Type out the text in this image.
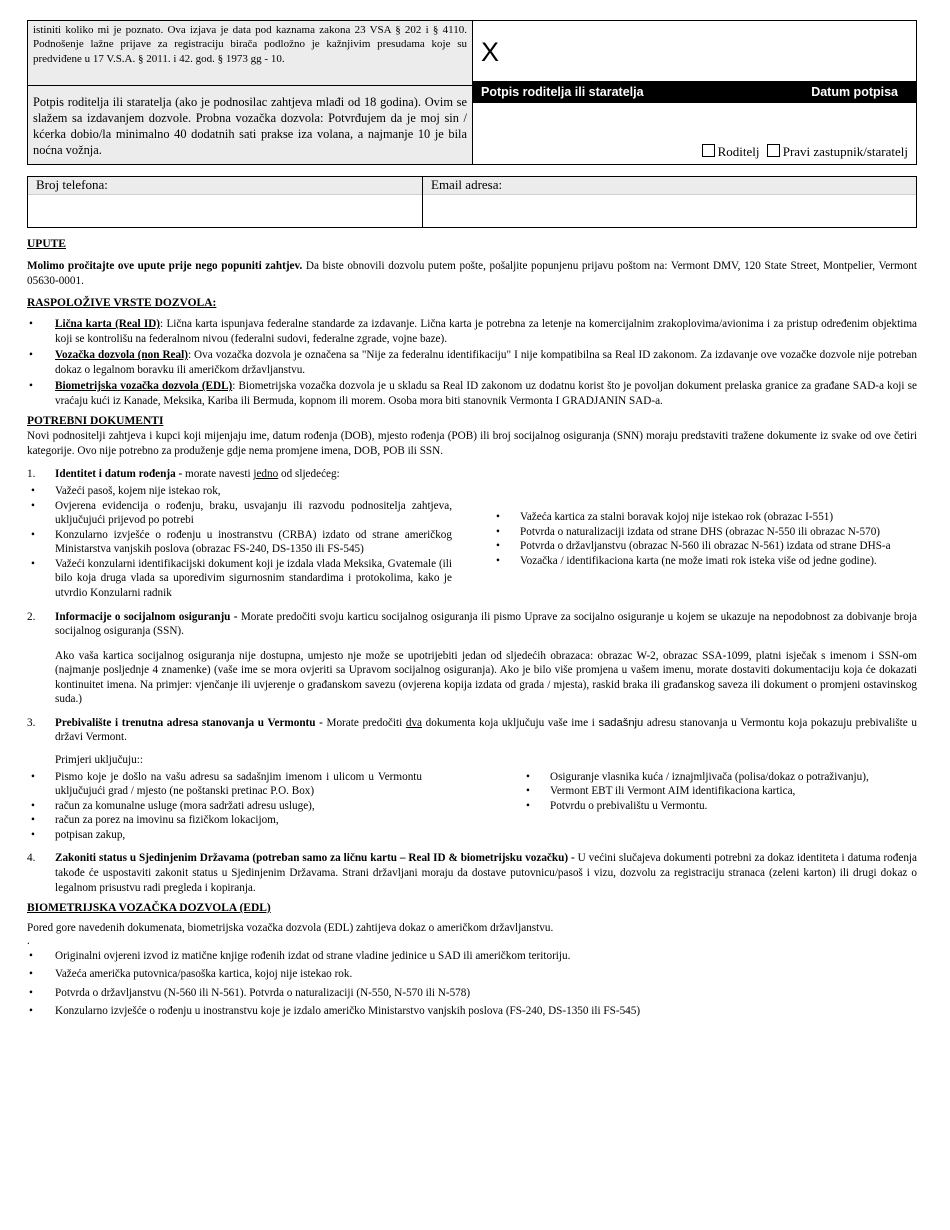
istiniti koliko mi je poznato. Ova izjava je data pod kaznama zakona 23 VSA § 202 i § 4110. Podnošenje lažne prijave za registraciju birača podložno je kažnjivim presudama koje su predviđene u 17 V.S.A. § 2011. i 42. god. § 1973 gg - 10.
Potpis roditelja ili staratelja (ako je podnosilac zahtjeva mlađi od 18 godina). Ovim se slažem sa izdavanjem dozvole. Probna vozačka dozvola: Potvrđujem da je moj sin / kćerka dobio/la minimalno 40 dodatnih sati prakse iza volana, a najmanje 10 je bila noćna vožnja.
X
Potpis roditelja ili staratelja	Datum potpisa
Roditelj Pravi zastupnik/staratelj
Broj telefona:	Email adresa:
UPUTE

Molimo pročitajte ove upute prije nego popuniti zahtjev. Da biste obnovili dozvolu putem pošte, pošaljite popunjenu prijavu poštom na: Vermont DMV, 120 State Street, Montpelier, Vermont 05630-0001.

RASPOLOŽIVE VRSTE DOZVOLA:
• Lična karta (Real ID): Lična karta ispunjava federalne standarde za izdavanje. Lična karta je potrebna za letenje na komercijalnim zrakoplovima/avionima i za pristup određenim objektima koji se kontrolišu na federalnom nivou (federalni sudovi, federalne zgrade, vojne baze).
• Vozačka dozvola (non Real): Ova vozačka dozvola je označena sa "Nije za federalnu identifikaciju" I nije kompatibilna sa Real ID zakonom. Za izdavanje ove vozačke dozvole nije potreban dokaz o legalnom boravku ili američkom državljanstvu.
• Biometrijska vozačka dozvola (EDL): Biometrijska vozačka dozvola je u skladu sa Real ID zakonom uz dodatnu korist što je povoljan dokument prelaska granice za građane SAD-a koji se vraćaju kući iz Kanade, Meksika, Kariba ili Bermuda, kopnom ili morem. Osoba mora biti stanovnik Vermonta I GRADJANIN SAD-a.
POTREBNI DOKUMENTI
Novi podnositelji zahtjeva i kupci koji mijenjaju ime, datum rođenja (DOB), mjesto rođenja (POB) ili broj socijalnog osiguranja (SNN) moraju predstaviti tražene dokumente iz svake od ove četiri kategorije. Ovo nije potrebno za produženje gdje nema promjene imena, DOB, POB ili SSN.
1.	Identitet i datum rođenja - morate navesti jedno od sljedećeg:
• Važeći pasoš, kojem nije istekao rok,
• Ovjerena evidencija o rođenju, braku, usvajanju ili razvodu podnositelja zahtjeva, uključujući prijevod po potrebi
• Konzularno izvješće o rođenju u inostranstvu (CRBA) izdato od strane američkog Ministarstva vanjskih poslova (obrazac FS-240, DS-1350 ili FS-545)
• Važeći konzularni identifikacijski dokument koji je izdala vlada Meksika, Gvatemale (ili bilo koja druga vlada sa uporedivim sigurnosnim standardima i protokolima, kako je utvrdio Konzularni radnik
• Važeća kartica za stalni boravak kojoj nije istekao rok (obrazac I-551)
• Potvrda o naturalizaciji izdata od strane DHS (obrazac N-550 ili obrazac N-570)
• Potvrda o državljanstvu (obrazac N-560 ili obrazac N-561) izdata od strane DHS-a
• Vozačka / identifikaciona karta (ne može imati rok isteka više od jedne godine).
2.	Informacije o socijalnom osiguranju - Morate predočiti svoju karticu socijalnog osiguranja ili pismo Uprave za socijalno osiguranje u kojem se ukazuje na nepodobnost za dobivanje broja socijalnog osiguranja (SSN).

Ako vaša kartica socijalnog osiguranja nije dostupna, umjesto nje može se upotrijebiti jedan od sljedećih obrazaca: obrazac W-2, obrazac SSA-1099, platni isječak s imenom i SSN-om (najmanje posljednje 4 znamenke) (vaše ime se mora ovjeriti sa Upravom socijalnog osiguranja). Ako je bilo više promjena u vašem imenu, morate dostaviti dokumentaciju koja će dokazati kontinuitet imena. Na primjer: vjenčanje ili uvjerenje o građanskom savezu (ovjerena kopija izdata od grada / mjesta), raskid braka ili građanskog saveza ili dokument o promjeni ostavinskog suda.)

3.	Prebivalište i trenutna adresa stanovanja u Vermontu - Morate predočiti dva dokumenta koja uključuju vaše ime i sadašnju adresu stanovanja u Vermontu koja pokazuju prebivalište u državi Vermont.
Primjeri uključuju::
• Pismo koje je došlo na vašu adresu sa sadašnjim imenom i ulicom u Vermontu uključujući grad / mjesto (ne poštanski pretinac P.O. Box)
• račun za komunalne usluge (mora sadržati adresu usluge),
• račun za porez na imovinu sa fizičkom lokacijom,
• potpisan zakup,
• Osiguranje vlasnika kuća / iznajmljivača (polisa/dokaz o potraživanju),
• Vermont EBT ili Vermont AIM identifikaciona kartica,
• Potvrdu o prebivalištu u Vermontu.
4.	Zakoniti status u Sjedinjenim Državama (potreban samo za ličnu kartu – Real ID & biometrijsku vozačku) - U većini slučajeva dokumenti potrebni za dokaz identiteta i datuma rođenja takođe će uspostaviti zakonit status u Sjedinjenim Državama. Strani državljani moraju da dostave putovnicu/pasoš i vizu, dozvolu za registraciju stranaca (zeleni karton) ili drugi dokaz o legalnom prisustvu radi pregleda i kopiranja.
BIOMETRIJSKA VOZAČKA DOZVOLA (EDL)
Pored gore navedenih dokumenata, biometrijska vozačka dozvola (EDL) zahtijeva dokaz o američkom državljanstvu.
.
• Originalni ovjereni izvod iz matične knjige rođenih izdat od strane vladine jedinice u SAD ili američkom teritoriju.
• Važeća američka putovnica/pasoška kartica, kojoj nije istekao rok.
• Potvrda o državljanstvu (N-560 ili N-561). Potvrda o naturalizaciji (N-550, N-570 ili N-578)
• Konzularno izvješće o rođenju u inostranstvu koje je izdalo američko Ministarstvo vanjskih poslova (FS-240, DS-1350 ili FS-545)
